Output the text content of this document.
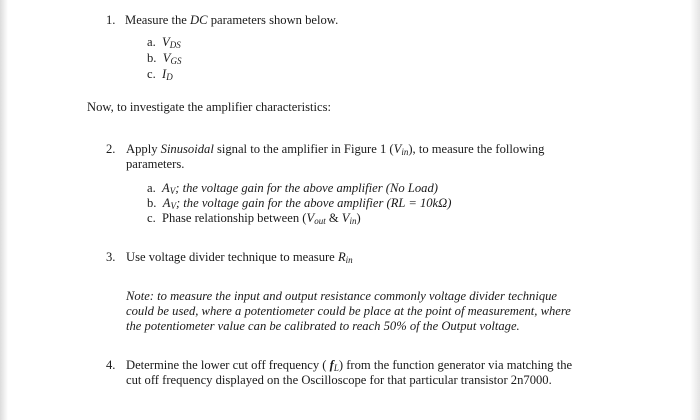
1. Measure the DC parameters shown below.
a. $V_{DS}$
b. $V_{GS}$
c. $I_D$
Now, to investigate the amplifier characteristics:
2. Apply Sinusoidal signal to the amplifier in Figure 1 $(V_{in})$, to measure the following
parameters.
a. $A_V$; the voltage gain for the above amplifier (No Load)
b. $A_V$; the voltage gain for the above amplifier (RL = 10kΩ)
c. Phase relationship between ($V_{out}$ & $V_{in}$)
3. Use voltage divider technique to measure $R_{in}$
Note: to measure the input and output resistance commonly voltage divider technique
could be used, where a potentiometer could be place at the point of measurement, where
the potentiometer value can be calibrated to reach 50% of the Output voltage.
4. Determine the lower cut off frequency ( $f_L$) from the function generator via matching the
cut off frequency displayed on the Oscilloscope for that particular transistor 2n7000.
